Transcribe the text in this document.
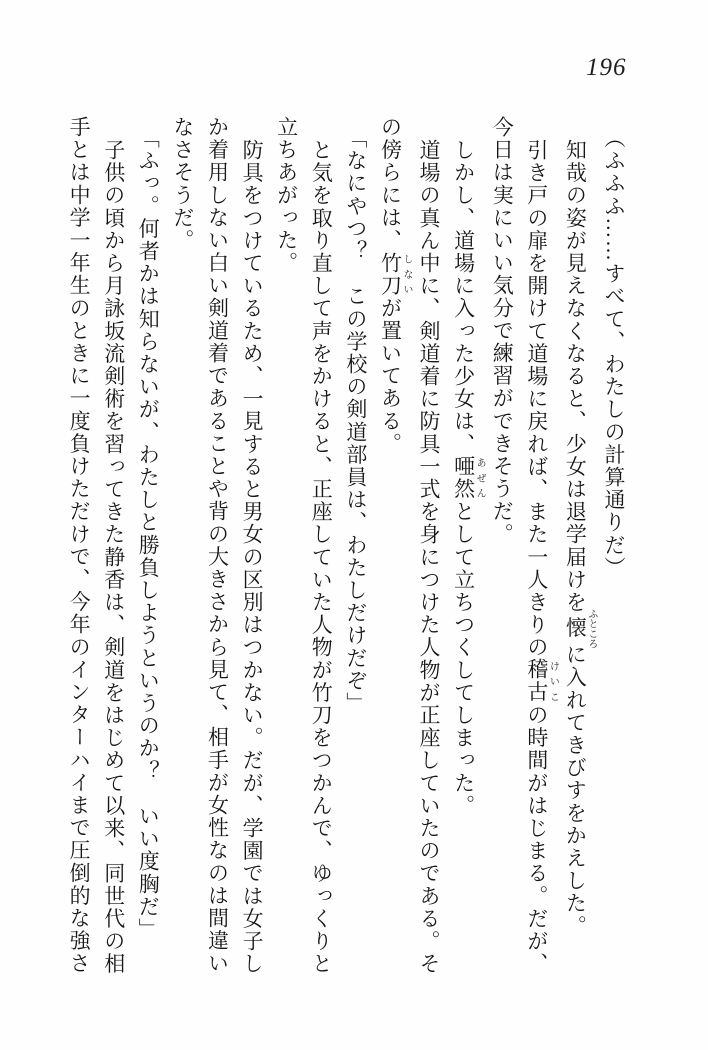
196
（ふふふ……すべて、わたしの計算通りだ）
知哉の姿が見えなくなると、少女は退学届けを懐ふところに入れてきびすをかえした。
引き戸の扉を開けて道場に戻れば、また一人きりの稽古けいこの時間がはじまる。だが、
今日は実にいい気分で練習ができそうだ。
しかし、道場に入った少女は、唖然あぜんとして立ちつくしてしまった。
道場の真ん中に、剣道着に防具一式を身につけた人物が正座していたのである。そ
の傍らには、竹刀しないが置いてある。
「なにやつ？　この学校の剣道部員は、わたしだけだぞ」
と気を取り直して声をかけると、正座していた人物が竹刀をつかんで、ゆっくりと
立ちあがった。
防具をつけているため、一見すると男女の区別はつかない。だが、学園では女子し
か着用しない白い剣道着であることや背の大きさから見て、相手が女性なのは間違い
なさそうだ。
「ふっ。何者かは知らないが、わたしと勝負しようというのか？　いい度胸だ」
子供の頃から月詠坂流剣術を習ってきた静香は、剣道をはじめて以来、同世代の相
手とは中学一年生のときに一度負けただけで、今年のインターハイまで圧倒的な強さ
